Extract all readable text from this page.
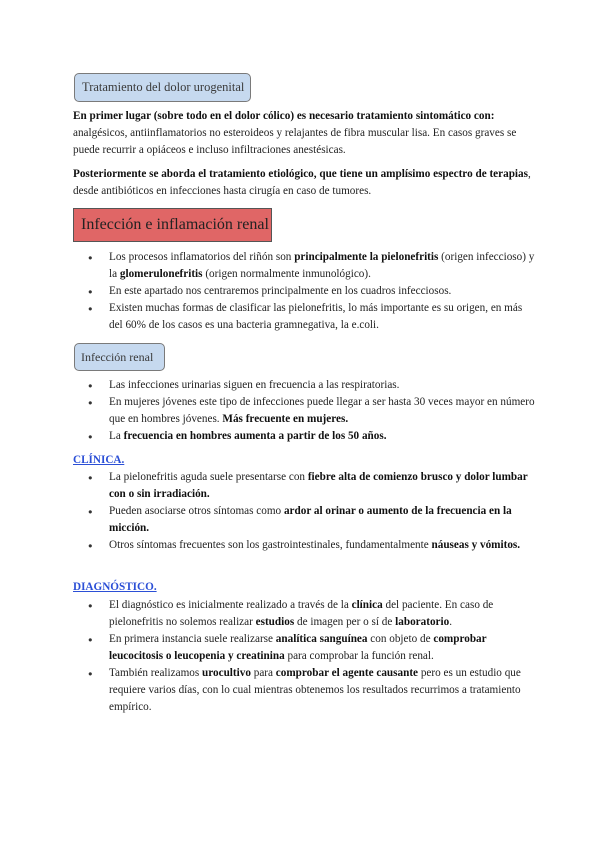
Tratamiento del dolor urogenital
En primer lugar (sobre todo en el dolor cólico) es necesario tratamiento sintomático con: analgésicos, antiinflamatorios no esteroideos y relajantes de fibra muscular lisa. En casos graves se puede recurrir a opiáceos e incluso infiltraciones anestésicas.
Posteriormente se aborda el tratamiento etiológico, que tiene un amplísimo espectro de terapias, desde antibióticos en infecciones hasta cirugía en caso de tumores.
Infección e inflamación renal
● Los procesos inflamatorios del riñón son principalmente la pielonefritis (origen infeccioso) y la glomerulonefritis (origen normalmente inmunológico).
● En este apartado nos centraremos principalmente en los cuadros infecciosos.
● Existen muchas formas de clasificar las pielonefritis, lo más importante es su origen, en más del 60% de los casos es una bacteria gramnegativa, la e.coli.
Infección renal
● Las infecciones urinarias siguen en frecuencia a las respiratorias.
● En mujeres jóvenes este tipo de infecciones puede llegar a ser hasta 30 veces mayor en número que en hombres jóvenes. Más frecuente en mujeres.
● La frecuencia en hombres aumenta a partir de los 50 años.
CLÍNICA.
● La pielonefritis aguda suele presentarse con fiebre alta de comienzo brusco y dolor lumbar con o sin irradiación.
● Pueden asociarse otros síntomas como ardor al orinar o aumento de la frecuencia en la micción.
● Otros síntomas frecuentes son los gastrointestinales, fundamentalmente náuseas y vómitos.
DIAGNÓSTICO.
● El diagnóstico es inicialmente realizado a través de la clínica del paciente. En caso de pielonefritis no solemos realizar estudios de imagen per o sí de laboratorio.
● En primera instancia suele realizarse analítica sanguínea con objeto de comprobar leucocitosis o leucopenia y creatinina para comprobar la función renal.
● También realizamos urocultivo para comprobar el agente causante pero es un estudio que requiere varios días, con lo cual mientras obtenemos los resultados recurrimos a tratamiento empírico.
